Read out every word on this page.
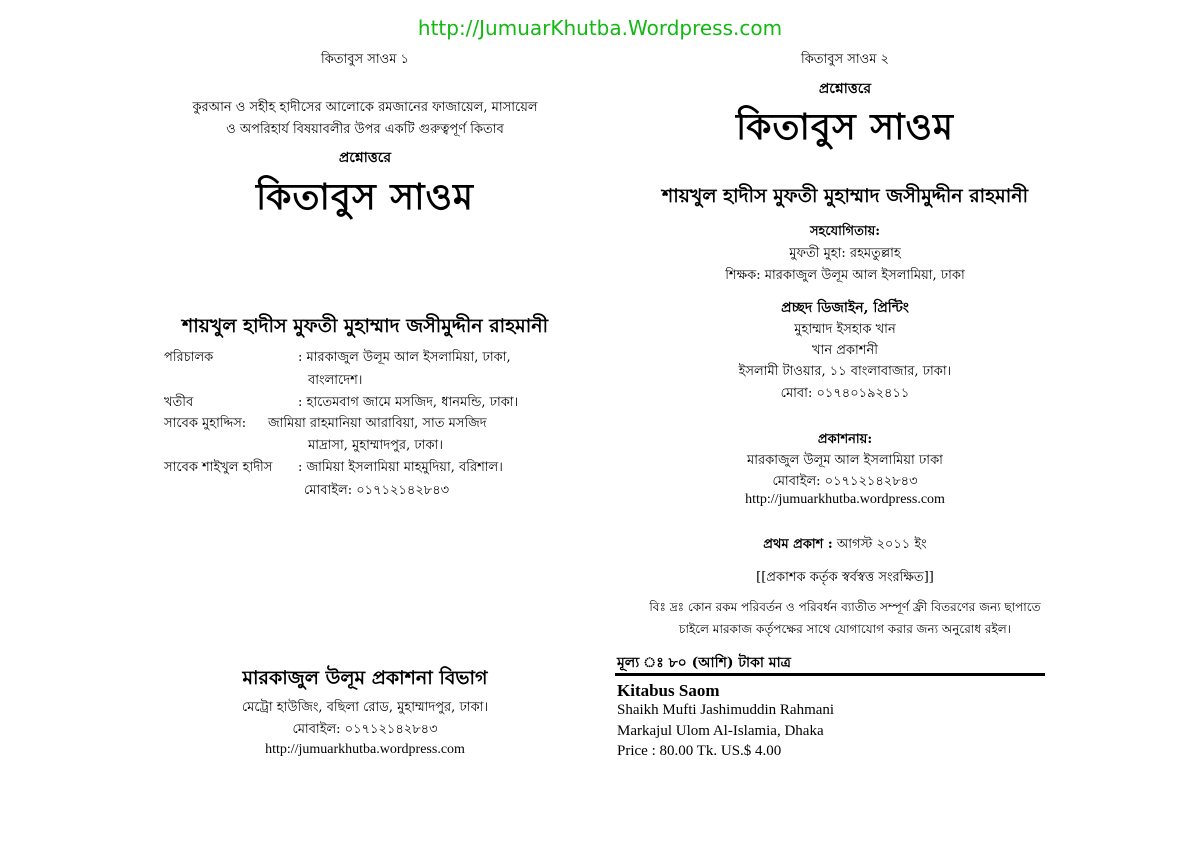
http://JumuarKhutba.Wordpress.com
কিতাবুস সাওম ১
কুরআন ও সহীহ হাদীসের আলোকে রমজানের ফাজায়েল, মাসায়েল
ও অপরিহার্য বিষয়াবলীর উপর একটি গুরুত্বপূর্ণ কিতাব
প্রশ্নোত্তরে
কিতাবুস সাওম
শায়খুল হাদীস মুফতী মুহাম্মাদ জসীমুদ্দীন রাহমানী
পরিচালক	: মারকাজুল উলূম আল ইসলামিয়া, ঢাকা,
বাংলাদেশ।
খতীব	: হাতেমবাগ জামে মসজিদ, ধানমন্ডি, ঢাকা।
সাবেক মুহাদ্দিস: জামিয়া রাহমানিয়া আরাবিয়া, সাত মসজিদ
মাদ্রাসা, মুহাম্মাদপুর, ঢাকা।
সাবেক শাইখুল হাদীস : জামিয়া ইসলামিয়া মাহমুদিয়া, বরিশাল।
মোবাইল: ০১৭১২১৪২৮৪৩
মারকাজুল উলূম প্রকাশনা বিভাগ
মেট্রো হাউজিং, বছিলা রোড, মুহাম্মাদপুর, ঢাকা।
মোবাইল: ০১৭১২১৪২৮৪৩
http://jumuarkhutba.wordpress.com
কিতাবুস সাওম ২
প্রশ্নোত্তরে
কিতাবুস সাওম
শায়খুল হাদীস মুফতী মুহাম্মাদ জসীমুদ্দীন রাহমানী
সহযোগিতায়:
মুফতী মুহা: রহমতুল্লাহ
শিক্ষক: মারকাজুল উলূম আল ইসলামিয়া, ঢাকা
প্রচ্ছদ ডিজাইন, প্রিন্টিং
মুহাম্মাদ ইসহাক খান
খান প্রকাশনী
ইসলামী টাওয়ার, ১১ বাংলাবাজার, ঢাকা।
মোবা: ০১৭৪০১৯২৪১১
প্রকাশনায়:
মারকাজুল উলূম আল ইসলামিয়া ঢাকা
মোবাইল: ০১৭১২১৪২৮৪৩
http://jumuarkhutba.wordpress.com
প্রথম প্রকাশ : আগস্ট ২০১১ ইং
[[প্রকাশক কর্তৃক স্বর্বস্বত্ত সংরক্ষিত]]
বিঃ দ্রঃ কোন রকম পরিবর্তন ও পরিবর্ধন ব্যাতীত সম্পূর্ণ ফ্রী বিতরণের জন্য ছাপাতে
চাইলে মারকাজ কর্তৃপক্ষের সাথে যোগাযোগ করার জন্য অনুরোধ রইল।
মূল্য ঃ ৮০ (আশি) টাকা মাত্র
Kitabus Saom
Shaikh Mufti Jashimuddin Rahmani
Markajul Ulom Al-Islamia, Dhaka
Price : 80.00 Tk. US.$ 4.00
